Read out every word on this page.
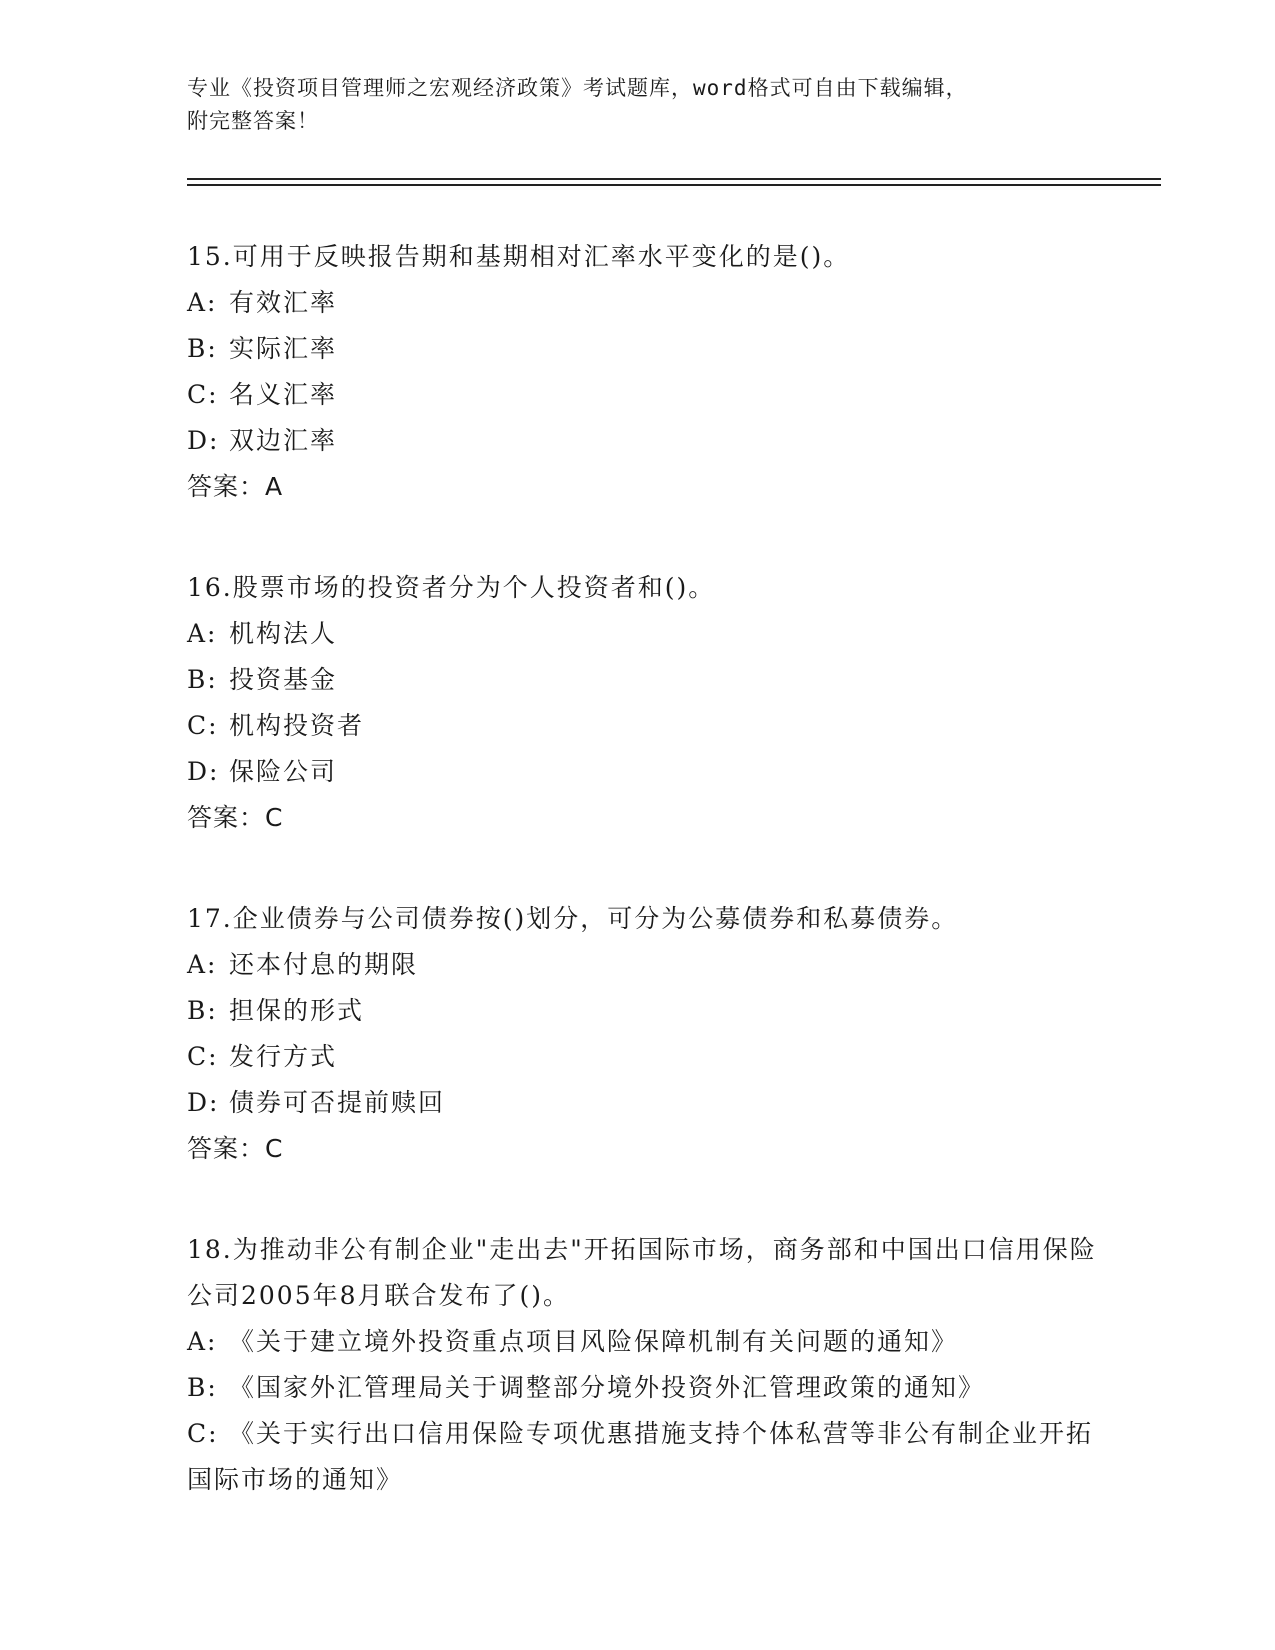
专业《投资项目管理师之宏观经济政策》考试题库，word格式可自由下载编辑，
附完整答案！

15.可用于反映报告期和基期相对汇率水平变化的是()。

A: 有效汇率

B: 实际汇率

C: 名义汇率

D: 双边汇率

答案：A

16.股票市场的投资者分为个人投资者和()。

A: 机构法人

B: 投资基金

C: 机构投资者

D: 保险公司

答案：C

17.企业债券与公司债券按()划分，可分为公募债券和私募债券。

A: 还本付息的期限

B: 担保的形式

C: 发行方式

D: 债券可否提前赎回

答案：C

18.为推动非公有制企业"走出去"开拓国际市场，商务部和中国出口信用保险公司2005年8月联合发布了()。

A: 《关于建立境外投资重点项目风险保障机制有关问题的通知》

B: 《国家外汇管理局关于调整部分境外投资外汇管理政策的通知》

C: 《关于实行出口信用保险专项优惠措施支持个体私营等非公有制企业开拓国际市场的通知》
